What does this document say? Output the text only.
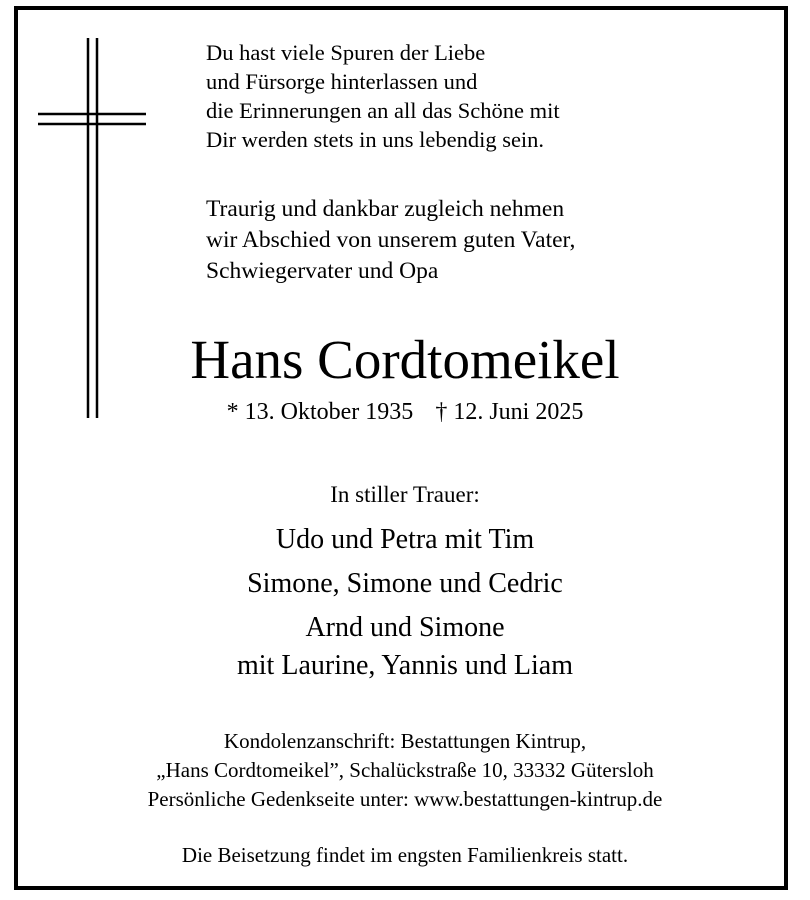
Du hast viele Spuren der Liebe
und Fürsorge hinterlassen und
die Erinnerungen an all das Schöne mit
Dir werden stets in uns lebendig sein.
Traurig und dankbar zugleich nehmen
wir Abschied von unserem guten Vater,
Schwiegervater und Opa
Hans Cordtomeikel
* 13. Oktober 1935 † 12. Juni 2025
In stiller Trauer:
Udo und Petra mit Tim
Simone, Simone und Cedric
Arnd und Simone
mit Laurine, Yannis und Liam
Kondolenzanschrift: Bestattungen Kintrup,
„Hans Cordtomeikel”, Schalückstraße 10, 33332 Gütersloh
Persönliche Gedenkseite unter: www.bestattungen-kintrup.de
Die Beisetzung findet im engsten Familienkreis statt.
